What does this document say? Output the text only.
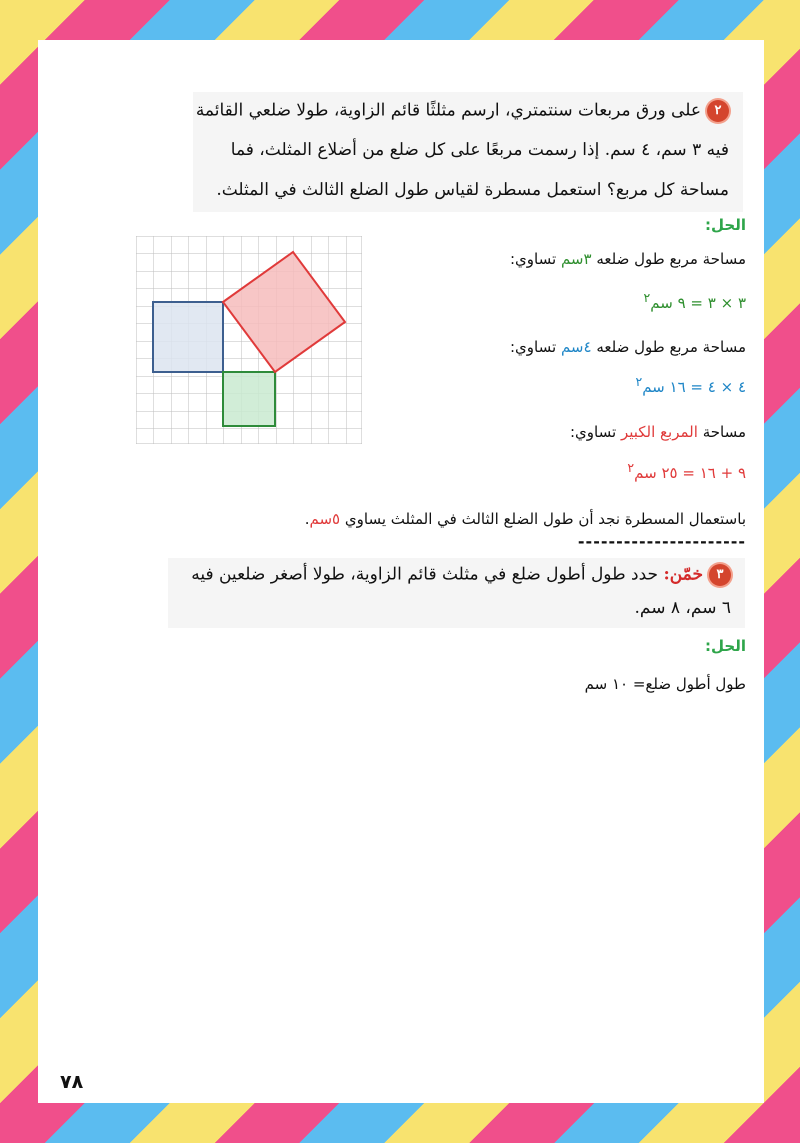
٢على ورق مربعات سنتمتري، ارسم مثلثًا قائم الزاوية، طولا ضلعي القائمة
فيه ٣ سم، ٤ سم. إذا رسمت مربعًا على كل ضلع من أضلاع المثلث، فما
مساحة كل مربع؟ استعمل مسطرة لقياس طول الضلع الثالث في المثلث.
الحل:
مساحة مربع طول ضلعه ٣سم تساوي:
٣ × ٣ = ٩ سم$^٢$
مساحة مربع طول ضلعه ٤سم تساوي:
٤ × ٤ = ١٦ سم$^٢$
مساحة المربع الكبير تساوي:
٩ + ١٦ = ٢٥ سم$^٢$
باستعمال المسطرة نجد أن طول الضلع الثالث في المثلث يساوي ٥سم.
----------------------
٣خمّن: حدد طول أطول ضلع في مثلث قائم الزاوية، طولا أصغر ضلعين فيه
٦ سم، ٨ سم.
الحل:
طول أطول ضلع= ١٠ سم
٧٨
